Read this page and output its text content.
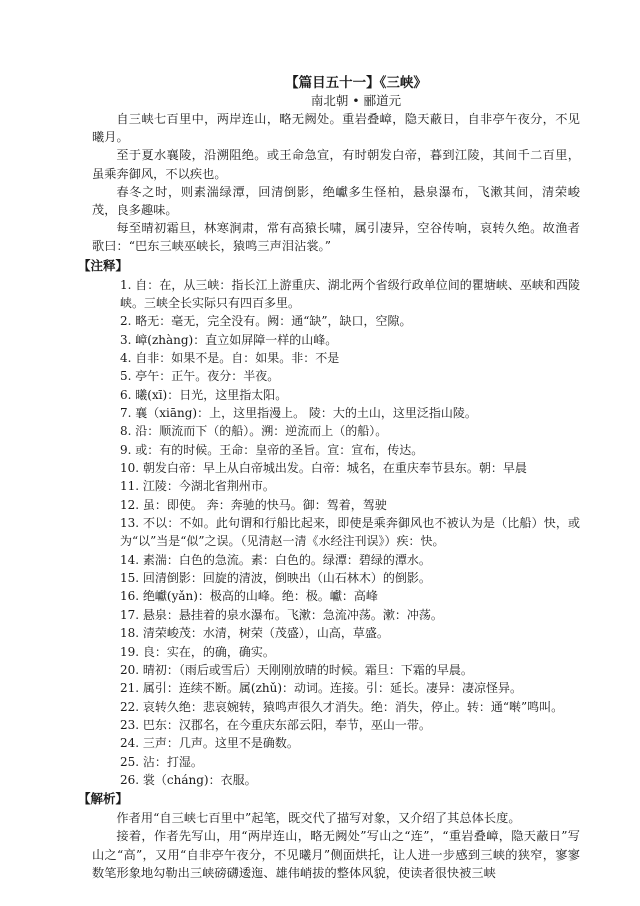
【篇目五十一】《三峡》
南北朝 • 郦道元

自三峡七百里中，两岸连山，略无阙处。重岩叠嶂，隐天蔽日，自非亭午夜分，不见曦月。

至于夏水襄陵，沿溯阻绝。或王命急宣，有时朝发白帝，暮到江陵，其间千二百里，虽乘奔御风，不以疾也。

春冬之时，则素湍绿潭，回清倒影，绝巘多生怪柏，悬泉瀑布，飞漱其间，清荣峻茂，良多趣味。

每至晴初霜旦，林寒涧肃，常有高猿长啸，属引凄异，空谷传响，哀转久绝。故渔者歌曰：“巴东三峡巫峡长，猿鸣三声泪沾裳。”

【注释】

1. 自：在，从三峡：指长江上游重庆、湖北两个省级行政单位间的瞿塘峡、巫峡和西陵峡。三峡全长实际只有四百多里。

2. 略无：毫无，完全没有。阙：通“缺”，缺口，空隙。

3. 嶂(zhàng)：直立如屏障一样的山峰。

4. 自非：如果不是。自：如果。非：不是

5. 亭午：正午。夜分：半夜。

6. 曦(xī)：日光，这里指太阳。

7. 襄（xiāng)：上，这里指漫上。 陵：大的土山，这里泛指山陵。

8. 沿：顺流而下（的船）。溯：逆流而上（的船）。

9. 或：有的时候。王命：皇帝的圣旨。宣：宣布，传达。

10. 朝发白帝：早上从白帝城出发。白帝：城名，在重庆奉节县东。朝：早晨

11. 江陵：今湖北省荆州市。

12. 虽：即使。 奔：奔驰的快马。御：驾着，驾驶

13. 不以：不如。此句谓和行船比起来，即使是乘奔御风也不被认为是（比船）快，或为“以”当是“似”之误。（见清赵一清《水经注刊误》）疾：快。

14. 素湍：白色的急流。素：白色的。绿潭：碧绿的潭水。

15. 回清倒影：回旋的清波，倒映出（山石林木）的倒影。

16. 绝巘(yǎn)：极高的山峰。绝：极。巘：高峰

17. 悬泉：悬挂着的泉水瀑布。飞漱：急流冲荡。漱：冲荡。

18. 清荣峻茂：水清，树荣（茂盛），山高，草盛。

19. 良：实在，的确，确实。

20. 晴初：（雨后或雪后）天刚刚放晴的时候。霜旦：下霜的早晨。

21. 属引：连续不断。属(zhǔ)：动词。连接。引：延长。凄异：凄凉怪异。

22. 哀转久绝：悲哀婉转，猿鸣声很久才消失。绝：消失，停止。转：通“啭”鸣叫。

23. 巴东：汉郡名，在今重庆东部云阳，奉节，巫山一带。

24. 三声：几声。这里不是确数。

25. 沾：打湿。

26. 裳（cháng)：衣服。

【解析】

作者用“自三峡七百里中”起笔，既交代了描写对象，又介绍了其总体长度。

接着，作者先写山，用“两岸连山，略无阙处”写山之“连”，“重岩叠嶂，隐天蔽日”写山之“高”，又用“自非亭午夜分，不见曦月”侧面烘托，让人进一步感到三峡的狭窄，寥寥数笔形象地勾勒出三峡磅礴逶迤、雄伟峭拔的整体风貌，使读者很快被三峡
